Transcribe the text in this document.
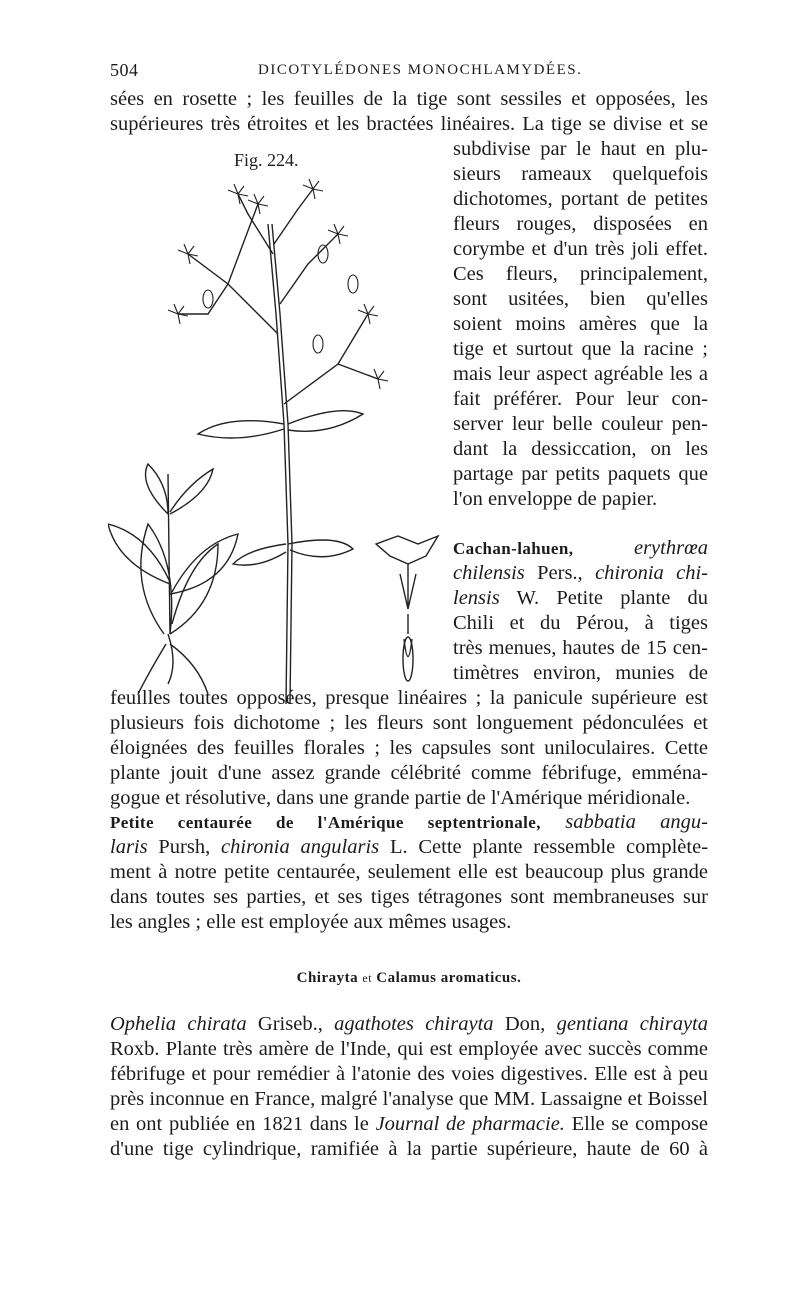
504	DICOTYLÉDONES MONOCHLAMYDÉES.
sées en rosette ; les feuilles de la tige sont sessiles et opposées, les
supérieures très étroites et les bractées linéaires. La tige se divise et se
Fig. 224.	subdivise par le haut en plu-
sieurs rameaux quelquefois
dichotomes, portant de petites
fleurs rouges, disposées en
corymbe et d'un très joli effet.
Ces fleurs, principalement,
sont usitées, bien qu'elles
soient moins amères que la
tige et surtout que la racine ;
mais leur aspect agréable les a
fait préférer. Pour leur con-
server leur belle couleur pen-
dant la dessiccation, on les
partage par petits paquets que
l'on enveloppe de papier.
Cachan-lahuen,	erythrœa
chilensis Pers., chironia chi-
lensis W. Petite plante du
Chili et du Pérou, à tiges
très menues, hautes de 15 cen-
timètres environ, munies de
feuilles toutes opposées, presque linéaires ; la panicule supérieure est
plusieurs fois dichotome ; les fleurs sont longuement pédonculées et
éloignées des feuilles florales ; les capsules sont uniloculaires. Cette
plante jouit d'une assez grande célébrité comme fébrifuge, emména-
gogue et résolutive, dans une grande partie de l'Amérique méridionale.
Petite centaurée de l'Amérique septentrionale, sabbatia angu-
laris Pursh, chironia angularis L. Cette plante ressemble complète-
ment à notre petite centaurée, seulement elle est beaucoup plus grande
dans toutes ses parties, et ses tiges tétragones sont membraneuses sur
les angles ; elle est employée aux mêmes usages.
Chirayta et Calamus aromaticus.
Ophelia chirata Griseb., agathotes chirayta Don, gentiana chirayta
Roxb. Plante très amère de l'Inde, qui est employée avec succès comme
fébrifuge et pour remédier à l'atonie des voies digestives. Elle est à peu
près inconnue en France, malgré l'analyse que MM. Lassaigne et Boissel
en ont publiée en 1821 dans le Journal de pharmacie. Elle se compose
d'une tige cylindrique, ramifiée à la partie supérieure, haute de 60 à
